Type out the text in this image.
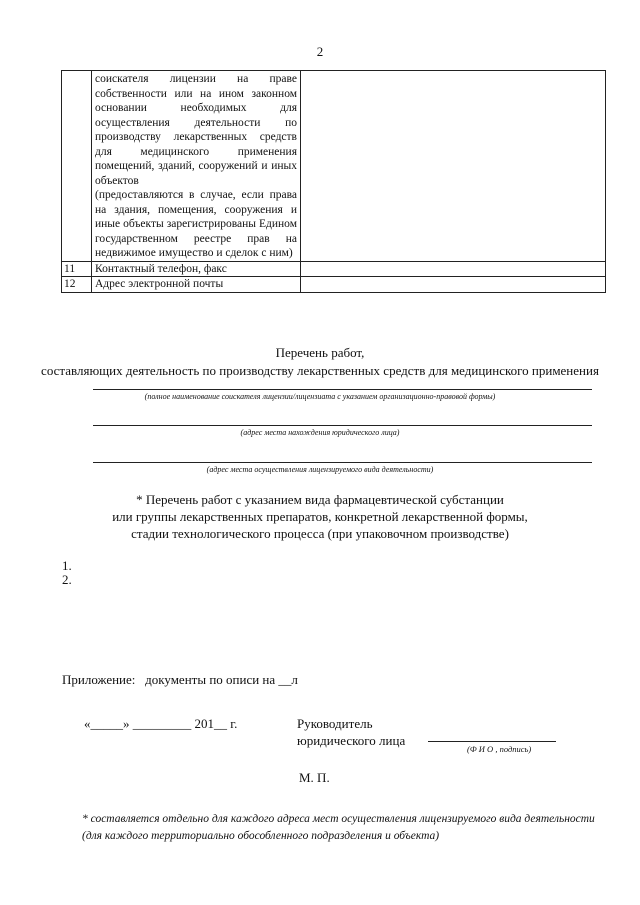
2

	соискателя лицензии на праве собственности или на ином законном основании необходимых для осуществления деятельности по производству лекарственных средств для медицинского применения помещений, зданий, сооружений и иных объектов

(предоставляются в случае, если права на здания, помещения, сооружения и иные объекты зарегистрированы Едином государственном реестре прав на недвижимое имущество и сделок с ним)	

11	Контактный телефон, факс	
12	Адрес электронной почты	
Перечень работ,
составляющих деятельность по производству лекарственных средств для медицинского применения
(полное наименование соискателя лицензии/лицензиата с указанием организационно-правовой формы)
(адрес места нахождения юридического лица)
(адрес места осуществления лицензируемого вида деятельности)
* Перечень работ с указанием вида фармацевтической субстанции
или группы лекарственных препаратов, конкретной лекарственной формы,
стадии технологического процесса (при упаковочном производстве)
1.
2.
Приложение:   документы по описи на __л
«_____» _________ 201__ г.	Руководитель
юридического лица
(Ф И О , подпись)
М. П.
* составляется отдельно для каждого адреса мест осуществления лицензируемого вида деятельности
(для каждого территориально обособленного подразделения и объекта)
